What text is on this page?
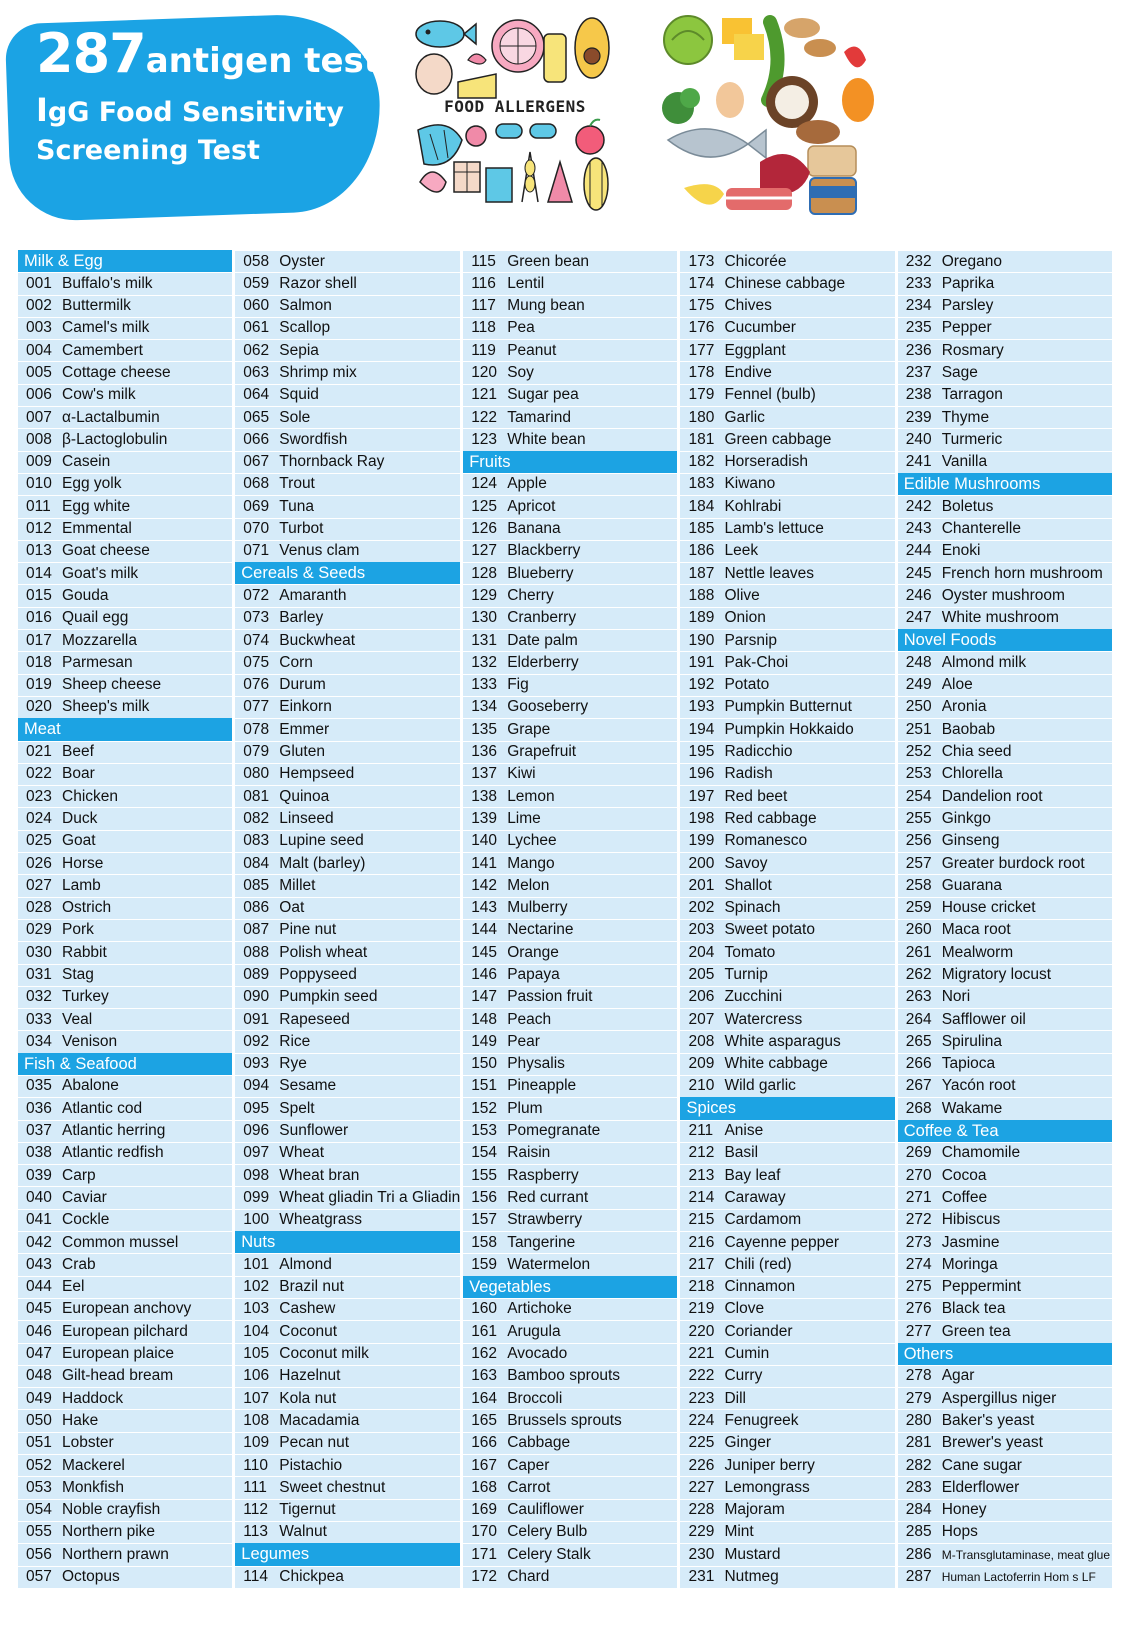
287antigen test
IgG Food Sensitivity
Screening Test
FOOD ALLERGENS
Milk & Egg
001 Buffalo's milk
002 Buttermilk
003 Camel's milk
004 Camembert
005 Cottage cheese
006 Cow's milk
007 α-Lactalbumin
008 β-Lactoglobulin
009 Casein
010 Egg yolk
011 Egg white
012 Emmental
013 Goat cheese
014 Goat's milk
015 Gouda
016 Quail egg
017 Mozzarella
018 Parmesan
019 Sheep cheese
020 Sheep's milk
Meat
021 Beef
022 Boar
023 Chicken
024 Duck
025 Goat
026 Horse
027 Lamb
028 Ostrich
029 Pork
030 Rabbit
031 Stag
032 Turkey
033 Veal
034 Venison
Fish & Seafood
035 Abalone
036 Atlantic cod
037 Atlantic herring
038 Atlantic redfish
039 Carp
040 Caviar
041 Cockle
042 Common mussel
043 Crab
044 Eel
045 European anchovy
046 European pilchard
047 European plaice
048 Gilt-head bream
049 Haddock
050 Hake
051 Lobster
052 Mackerel
053 Monkfish
054 Noble crayfish
055 Northern pike
056 Northern prawn
057 Octopus
058 Oyster
059 Razor shell
060 Salmon
061 Scallop
062 Sepia
063 Shrimp mix
064 Squid
065 Sole
066 Swordfish
067 Thornback Ray
068 Trout
069 Tuna
070 Turbot
071 Venus clam
Cereals & Seeds
072 Amaranth
073 Barley
074 Buckwheat
075 Corn
076 Durum
077 Einkorn
078 Emmer
079 Gluten
080 Hempseed
081 Quinoa
082 Linseed
083 Lupine seed
084 Malt (barley)
085 Millet
086 Oat
087 Pine nut
088 Polish wheat
089 Poppyseed
090 Pumpkin seed
091 Rapeseed
092 Rice
093 Rye
094 Sesame
095 Spelt
096 Sunflower
097 Wheat
098 Wheat bran
099 Wheat gliadin Tri a Gliadin
100 Wheatgrass
Nuts
101 Almond
102 Brazil nut
103 Cashew
104 Coconut
105 Coconut milk
106 Hazelnut
107 Kola nut
108 Macadamia
109 Pecan nut
110 Pistachio
111 Sweet chestnut
112 Tigernut
113 Walnut
Legumes
114 Chickpea
115 Green bean
116 Lentil
117 Mung bean
118 Pea
119 Peanut
120 Soy
121 Sugar pea
122 Tamarind
123 White bean
Fruits
124 Apple
125 Apricot
126 Banana
127 Blackberry
128 Blueberry
129 Cherry
130 Cranberry
131 Date palm
132 Elderberry
133 Fig
134 Gooseberry
135 Grape
136 Grapefruit
137 Kiwi
138 Lemon
139 Lime
140 Lychee
141 Mango
142 Melon
143 Mulberry
144 Nectarine
145 Orange
146 Papaya
147 Passion fruit
148 Peach
149 Pear
150 Physalis
151 Pineapple
152 Plum
153 Pomegranate
154 Raisin
155 Raspberry
156 Red currant
157 Strawberry
158 Tangerine
159 Watermelon
Vegetables
160 Artichoke
161 Arugula
162 Avocado
163 Bamboo sprouts
164 Broccoli
165 Brussels sprouts
166 Cabbage
167 Caper
168 Carrot
169 Cauliflower
170 Celery Bulb
171 Celery Stalk
172 Chard
173 Chicorée
174 Chinese cabbage
175 Chives
176 Cucumber
177 Eggplant
178 Endive
179 Fennel (bulb)
180 Garlic
181 Green cabbage
182 Horseradish
183 Kiwano
184 Kohlrabi
185 Lamb's lettuce
186 Leek
187 Nettle leaves
188 Olive
189 Onion
190 Parsnip
191 Pak-Choi
192 Potato
193 Pumpkin Butternut
194 Pumpkin Hokkaido
195 Radicchio
196 Radish
197 Red beet
198 Red cabbage
199 Romanesco
200 Savoy
201 Shallot
202 Spinach
203 Sweet potato
204 Tomato
205 Turnip
206 Zucchini
207 Watercress
208 White asparagus
209 White cabbage
210 Wild garlic
Spices
211 Anise
212 Basil
213 Bay leaf
214 Caraway
215 Cardamom
216 Cayenne pepper
217 Chili (red)
218 Cinnamon
219 Clove
220 Coriander
221 Cumin
222 Curry
223 Dill
224 Fenugreek
225 Ginger
226 Juniper berry
227 Lemongrass
228 Majoram
229 Mint
230 Mustard
231 Nutmeg
232 Oregano
233 Paprika
234 Parsley
235 Pepper
236 Rosmary
237 Sage
238 Tarragon
239 Thyme
240 Turmeric
241 Vanilla
Edible Mushrooms
242 Boletus
243 Chanterelle
244 Enoki
245 French horn mushroom
246 Oyster mushroom
247 White mushroom
Novel Foods
248 Almond milk
249 Aloe
250 Aronia
251 Baobab
252 Chia seed
253 Chlorella
254 Dandelion root
255 Ginkgo
256 Ginseng
257 Greater burdock root
258 Guarana
259 House cricket
260 Maca root
261 Mealworm
262 Migratory locust
263 Nori
264 Safflower oil
265 Spirulina
266 Tapioca
267 Yacón root
268 Wakame
Coffee & Tea
269 Chamomile
270 Cocoa
271 Coffee
272 Hibiscus
273 Jasmine
274 Moringa
275 Peppermint
276 Black tea
277 Green tea
Others
278 Agar
279 Aspergillus niger
280 Baker's yeast
281 Brewer's yeast
282 Cane sugar
283 Elderflower
284 Honey
285 Hops
286 M-Transglutaminase, meat glue
287 Human Lactoferrin Hom s LF
